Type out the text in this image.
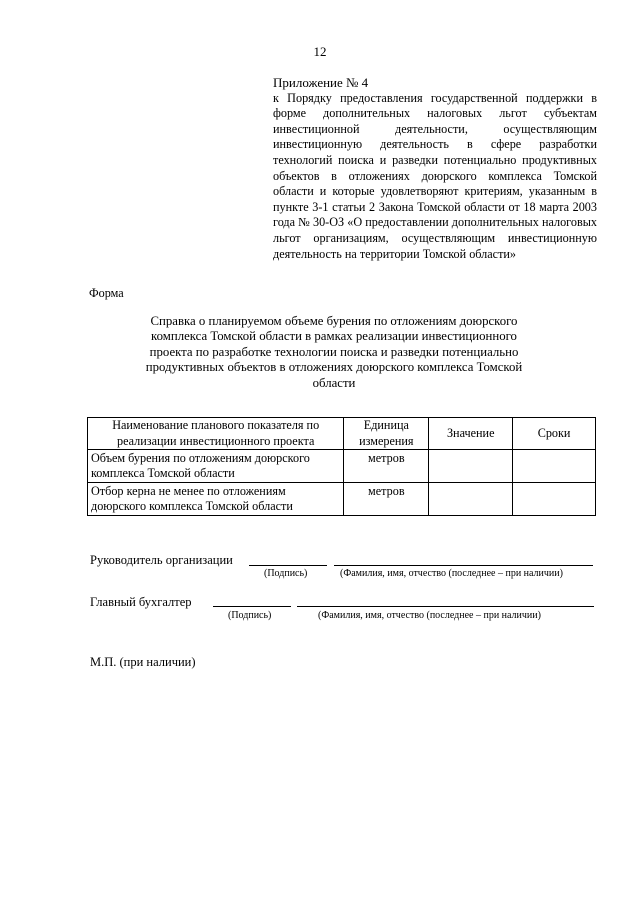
12
Приложение № 4
к Порядку предоставления государственной поддержки в форме дополнительных налоговых льгот субъектам инвестиционной деятельности, осуществляющим инвестиционную деятельность в сфере разработки технологий поиска и разведки потенциально продуктивных объектов в отложениях доюрского комплекса Томской области и которые удовлетворяют критериям, указанным в пункте 3-1 статьи 2 Закона Томской области от 18 марта 2003 года № 30-ОЗ «О предоставлении дополнительных налоговых льгот организациям, осуществляющим инвестиционную деятельность на территории Томской области»
Форма
Справка о планируемом объеме бурения по отложениям доюрского комплекса Томской области в рамках реализации инвестиционного проекта по разработке технологии поиска и разведки потенциально продуктивных объектов в отложениях доюрского комплекса Томской области
Наименование планового показателя по реализации инвестиционного проекта	Единица измерения	Значение	Сроки
Объем бурения по отложениям доюрского комплекса Томской области	метров		
Отбор керна не менее по отложениям доюрского комплекса Томской области	метров		
Руководитель организации
(Подпись)	(Фамилия, имя, отчество (последнее – при наличии)
Главный бухгалтер
(Подпись)	(Фамилия, имя, отчество (последнее – при наличии)
М.П. (при наличии)
